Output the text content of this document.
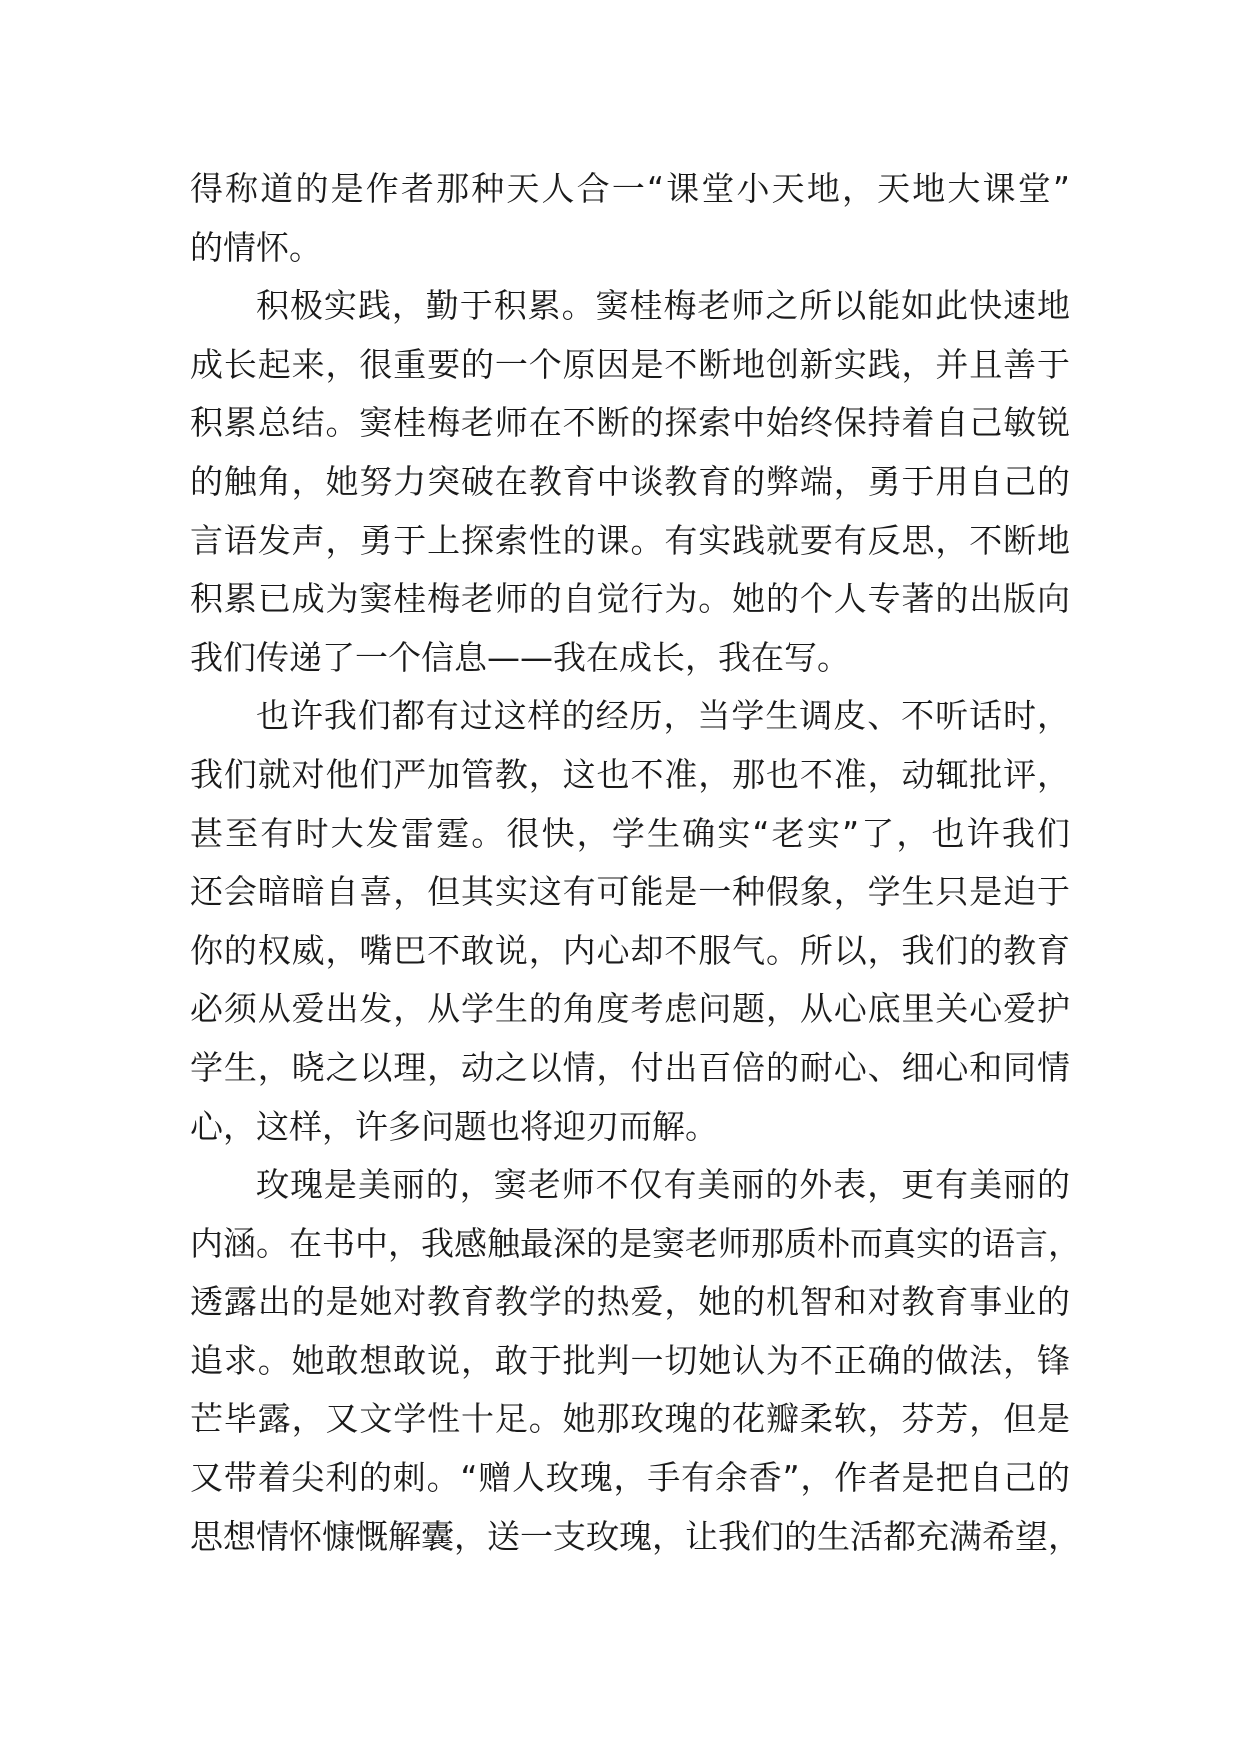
得称道的是作者那种天人合一“课堂小天地，天地大课堂”
的情怀。
积极实践，勤于积累。窦桂梅老师之所以能如此快速地
成长起来，很重要的一个原因是不断地创新实践，并且善于
积累总结。窦桂梅老师在不断的探索中始终保持着自己敏锐
的触角，她努力突破在教育中谈教育的弊端，勇于用自己的
言语发声，勇于上探索性的课。有实践就要有反思，不断地
积累已成为窦桂梅老师的自觉行为。她的个人专著的出版向
我们传递了一个信息——我在成长，我在写。
也许我们都有过这样的经历，当学生调皮、不听话时，
我们就对他们严加管教，这也不准，那也不准，动辄批评，
甚至有时大发雷霆。很快，学生确实“老实”了，也许我们
还会暗暗自喜，但其实这有可能是一种假象，学生只是迫于
你的权威，嘴巴不敢说，内心却不服气。所以，我们的教育
必须从爱出发，从学生的角度考虑问题，从心底里关心爱护
学生，晓之以理，动之以情，付出百倍的耐心、细心和同情
心，这样，许多问题也将迎刃而解。
玫瑰是美丽的，窦老师不仅有美丽的外表，更有美丽的
内涵。在书中，我感触最深的是窦老师那质朴而真实的语言，
透露出的是她对教育教学的热爱，她的机智和对教育事业的
追求。她敢想敢说，敢于批判一切她认为不正确的做法，锋
芒毕露，又文学性十足。她那玫瑰的花瓣柔软，芬芳，但是
又带着尖利的刺。“赠人玫瑰，手有余香”，作者是把自己的
思想情怀慷慨解囊，送一支玫瑰，让我们的生活都充满希望，
